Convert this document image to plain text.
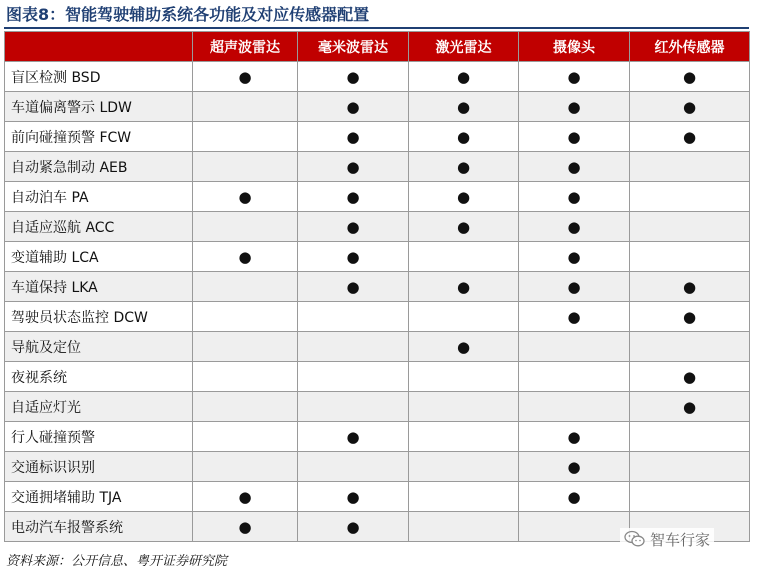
图表8：智能驾驶辅助系统各功能及对应传感器配置
	超声波雷达	毫米波雷达	激光雷达	摄像头	红外传感器
盲区检测 BSD	●	●	●	●	●
车道偏离警示 LDW		●	●	●	●
前向碰撞预警 FCW		●	●	●	●
自动紧急制动 AEB		●	●	●	
自动泊车 PA	●	●	●	●	
自适应巡航 ACC		●	●	●	
变道辅助 LCA	●	●		●	
车道保持 LKA		●	●	●	●
驾驶员状态监控 DCW				●	●
导航及定位			●		
夜视系统					●
自适应灯光					●
行人碰撞预警		●		●	
交通标识识别				●	
交通拥堵辅助 TJA	●	●		●	
电动汽车报警系统	●	●			
资料来源：公开信息、粤开证券研究院
智车行家
